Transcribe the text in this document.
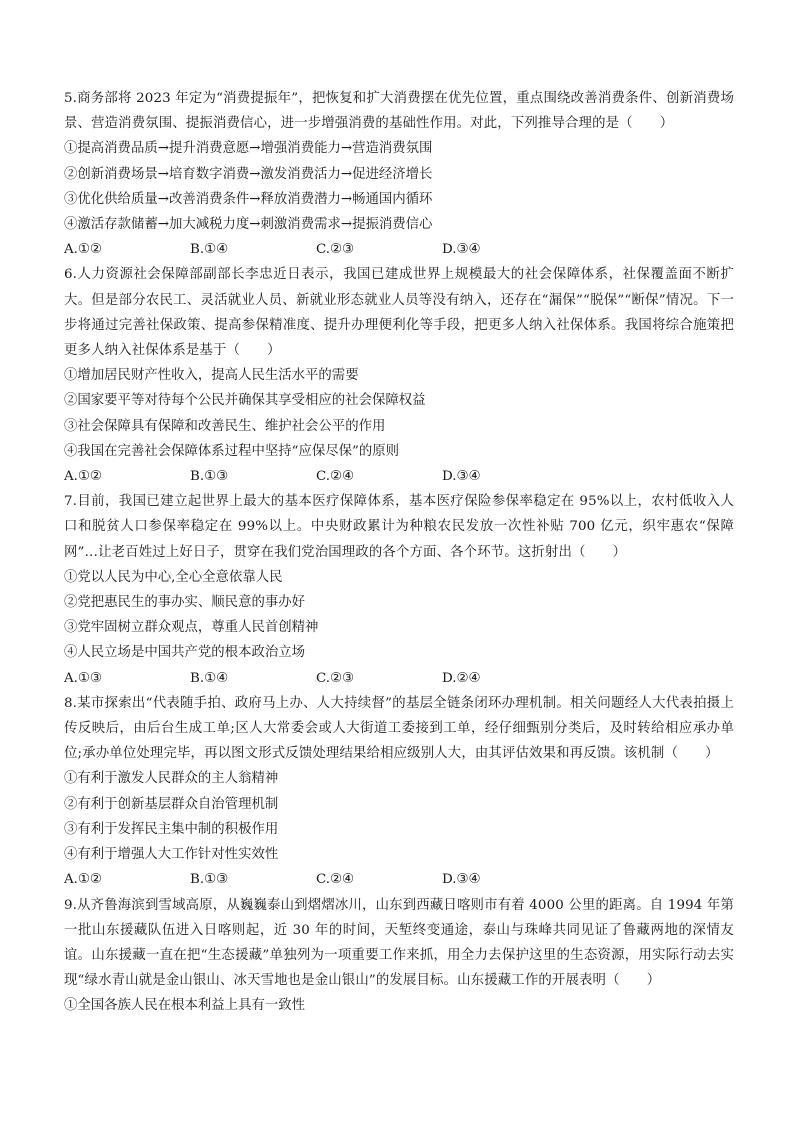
5.商务部将 2023 年定为“消费提振年”，把恢复和扩大消费摆在优先位置，重点围绕改善消费条件、创新消费场景、营造消费氛围、提振消费信心，进一步增强消费的基础性作用。对此，下列推导合理的是（　　）

①提高消费品质→提升消费意愿→增强消费能力→营造消费氛围

②创新消费场景→培育数字消费→激发消费活力→促进经济增长

③优化供给质量→改善消费条件→释放消费潜力→畅通国内循环

④激活存款储蓄→加大减税力度→刺激消费需求→提振消费信心

A.①②	B.①④	C.②③	D.③④

6.人力资源社会保障部副部长李忠近日表示，我国已建成世界上规模最大的社会保障体系，社保覆盖面不断扩大。但是部分农民工、灵活就业人员、新就业形态就业人员等没有纳入，还存在“漏保”“脱保”“断保”情况。下一步将通过完善社保政策、提高参保精准度、提升办理便利化等手段，把更多人纳入社保体系。我国将综合施策把更多人纳入社保体系是基于（　　）

①增加居民财产性收入，提高人民生活水平的需要

②国家要平等对待每个公民并确保其享受相应的社会保障权益

③社会保障具有保障和改善民生、维护社会公平的作用

④我国在完善社会保障体系过程中坚持“应保尽保”的原则

A.①②	B.①③	C.②④	D.③④

7.目前，我国已建立起世界上最大的基本医疗保障体系，基本医疗保险参保率稳定在 95%以上，农村低收入人口和脱贫人口参保率稳定在 99%以上。中央财政累计为种粮农民发放一次性补贴 700 亿元，织牢惠农“保障网”…让老百姓过上好日子，贯穿在我们党治国理政的各个方面、各个环节。这折射出（　　）

①党以人民为中心,全心全意依靠人民

②党把惠民生的事办实、顺民意的事办好

③党牢固树立群众观点，尊重人民首创精神

④人民立场是中国共产党的根本政治立场

A.①③	B.①④	C.②③	D.②④

8.某市探索出“代表随手拍、政府马上办、人大持续督”的基层全链条闭环办理机制。相关问题经人大代表拍摄上传反映后，由后台生成工单;区人大常委会或人大街道工委接到工单，经仔细甄别分类后，及时转给相应承办单位;承办单位处理完毕，再以图文形式反馈处理结果给相应级别人大，由其评估效果和再反馈。该机制（　　）

①有利于激发人民群众的主人翁精神

②有利于创新基层群众自治管理机制

③有利于发挥民主集中制的积极作用

④有利于增强人大工作针对性实效性

A.①②	B.①③	C.②④	D.③④

9.从齐鲁海滨到雪域高原，从巍巍泰山到熠熠冰川，山东到西藏日喀则市有着 4000 公里的距离。自 1994 年第一批山东援藏队伍进入日喀则起，近 30 年的时间，天堑终变通途，泰山与珠峰共同见证了鲁藏两地的深情友谊。山东援藏一直在把“生态援藏”单独列为一项重要工作来抓，用全力去保护这里的生态资源，用实际行动去实现“绿水青山就是金山银山、冰天雪地也是金山银山”的发展目标。山东援藏工作的开展表明（　　）

①全国各族人民在根本利益上具有一致性
